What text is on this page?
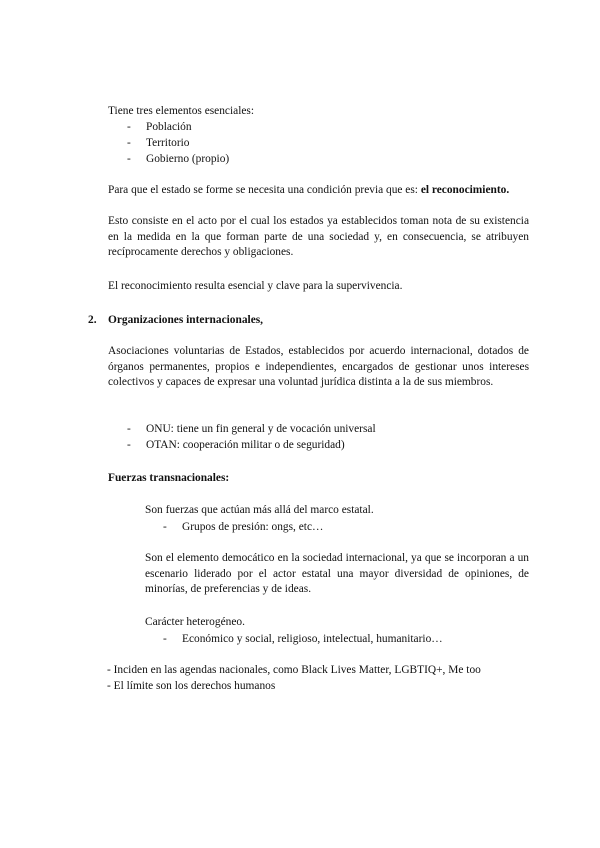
Tiene tres elementos esenciales:

- Población
- Territorio
- Gobierno (propio)

Para que el estado se forme se necesita una condición previa que es: el reconocimiento.

Esto consiste en el acto por el cual los estados ya establecidos toman nota de su existencia en la medida en la que forman parte de una sociedad y, en consecuencia, se atribuyen recíprocamente derechos y obligaciones.

El reconocimiento resulta esencial y clave para la supervivencia.

2. Organizaciones internacionales,

Asociaciones voluntarias de Estados, establecidos por acuerdo internacional, dotados de órganos permanentes, propios e independientes, encargados de gestionar unos intereses colectivos y capaces de expresar una voluntad jurídica distinta a la de sus miembros.

- ONU: tiene un fin general y de vocación universal
- OTAN: cooperación militar o de seguridad)

Fuerzas transnacionales:

Son fuerzas que actúan más allá del marco estatal.

- Grupos de presión: ongs, etc…

Son el elemento democático en la sociedad internacional, ya que se incorporan a un escenario liderado por el actor estatal una mayor diversidad de opiniones, de minorías, de preferencias y de ideas.

Carácter heterogéneo.

- Económico y social, religioso, intelectual, humanitario…

- Inciden en las agendas nacionales, como Black Lives Matter, LGBTIQ+, Me too

- El límite son los derechos humanos
